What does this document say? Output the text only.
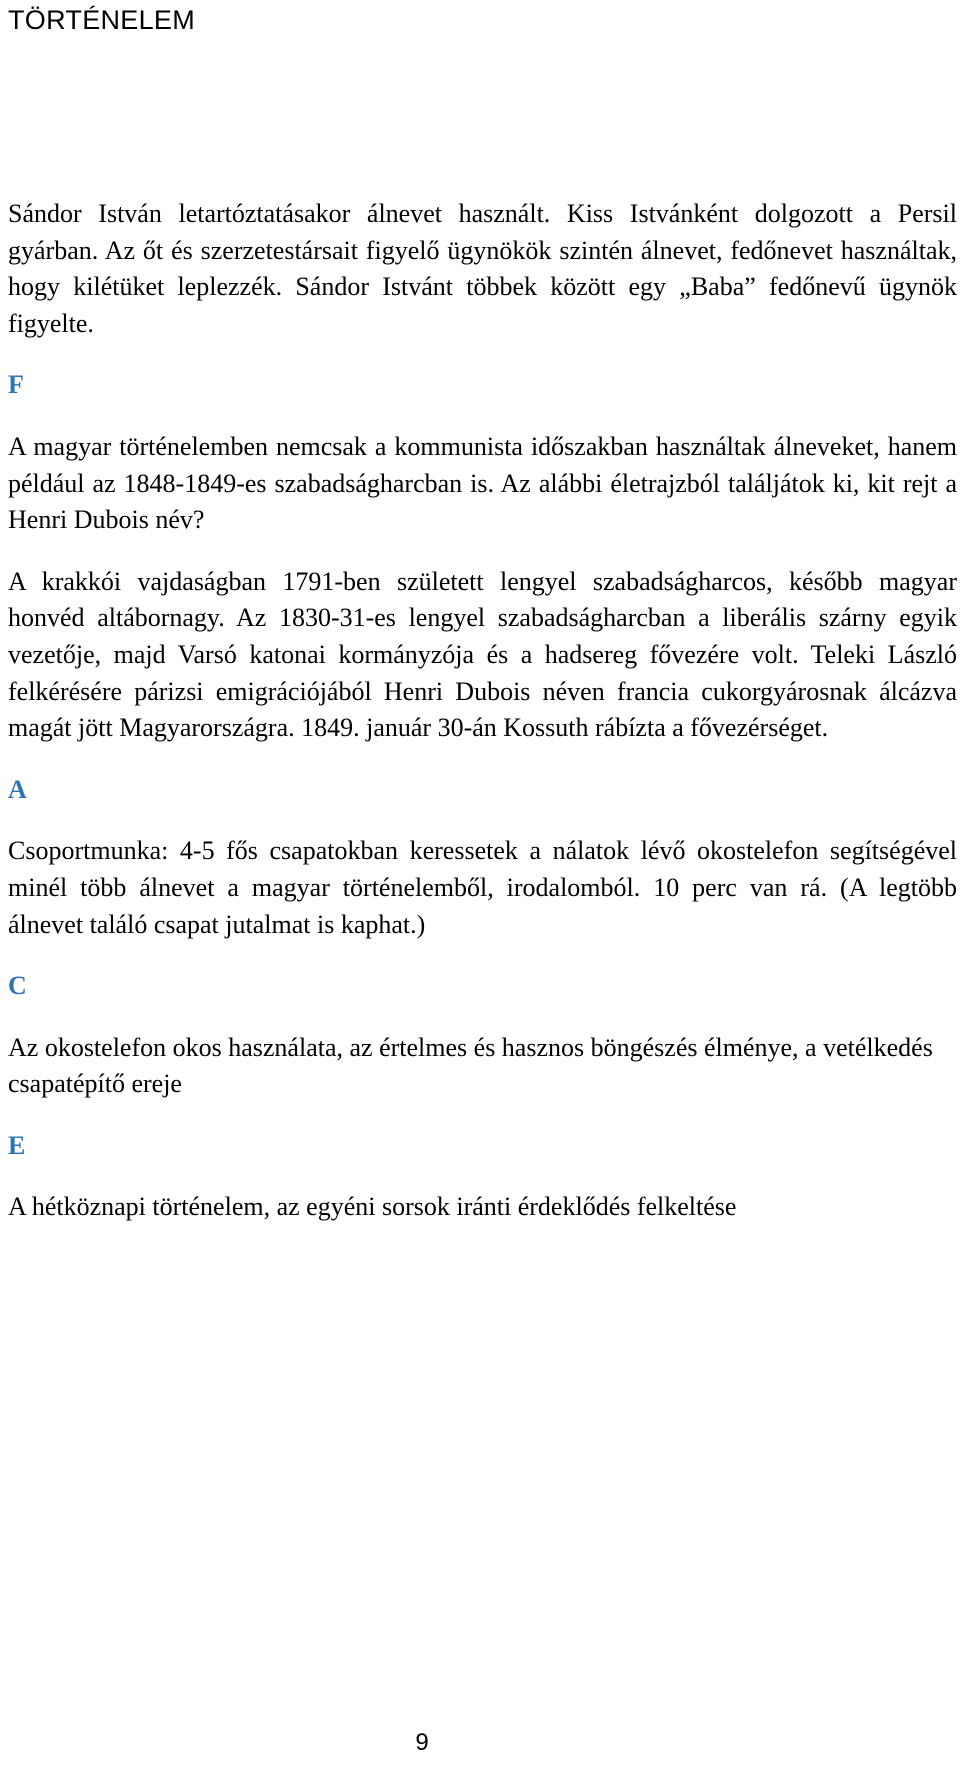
TÖRTÉNELEM

Sándor István letartóztatásakor álnevet használt. Kiss Istvánként dolgozott a Persil gyárban. Az őt és szerzetestársait figyelő ügynökök szintén álnevet, fedőnevet használtak, hogy kilétüket leplezzék. Sándor Istvánt többek között egy „Baba” fedőnevű ügynök figyelte.

F

A magyar történelemben nemcsak a kommunista időszakban használtak álneveket, hanem például az 1848-1849-es szabadságharcban is. Az alábbi életrajzból találjátok ki, kit rejt a Henri Dubois név?

A krakkói vajdaságban 1791-ben született lengyel szabadságharcos, később magyar honvéd altábornagy. Az 1830-31-es lengyel szabadságharcban a liberális szárny egyik vezetője, majd Varsó katonai kormányzója és a hadsereg fővezére volt. Teleki László felkérésére párizsi emigrációjából Henri Dubois néven francia cukorgyárosnak álcázva magát jött Magyarországra. 1849. január 30-án Kossuth rábízta a fővezérséget.

A

Csoportmunka: 4-5 fős csapatokban keressetek a nálatok lévő okostelefon segítségével minél több álnevet a magyar történelemből, irodalomból. 10 perc van rá. (A legtöbb álnevet találó csapat jutalmat is kaphat.)

C

Az okostelefon okos használata, az értelmes és hasznos böngészés élménye, a vetélkedés csapatépítő ereje

E

A hétköznapi történelem, az egyéni sorsok iránti érdeklődés felkeltése

9
